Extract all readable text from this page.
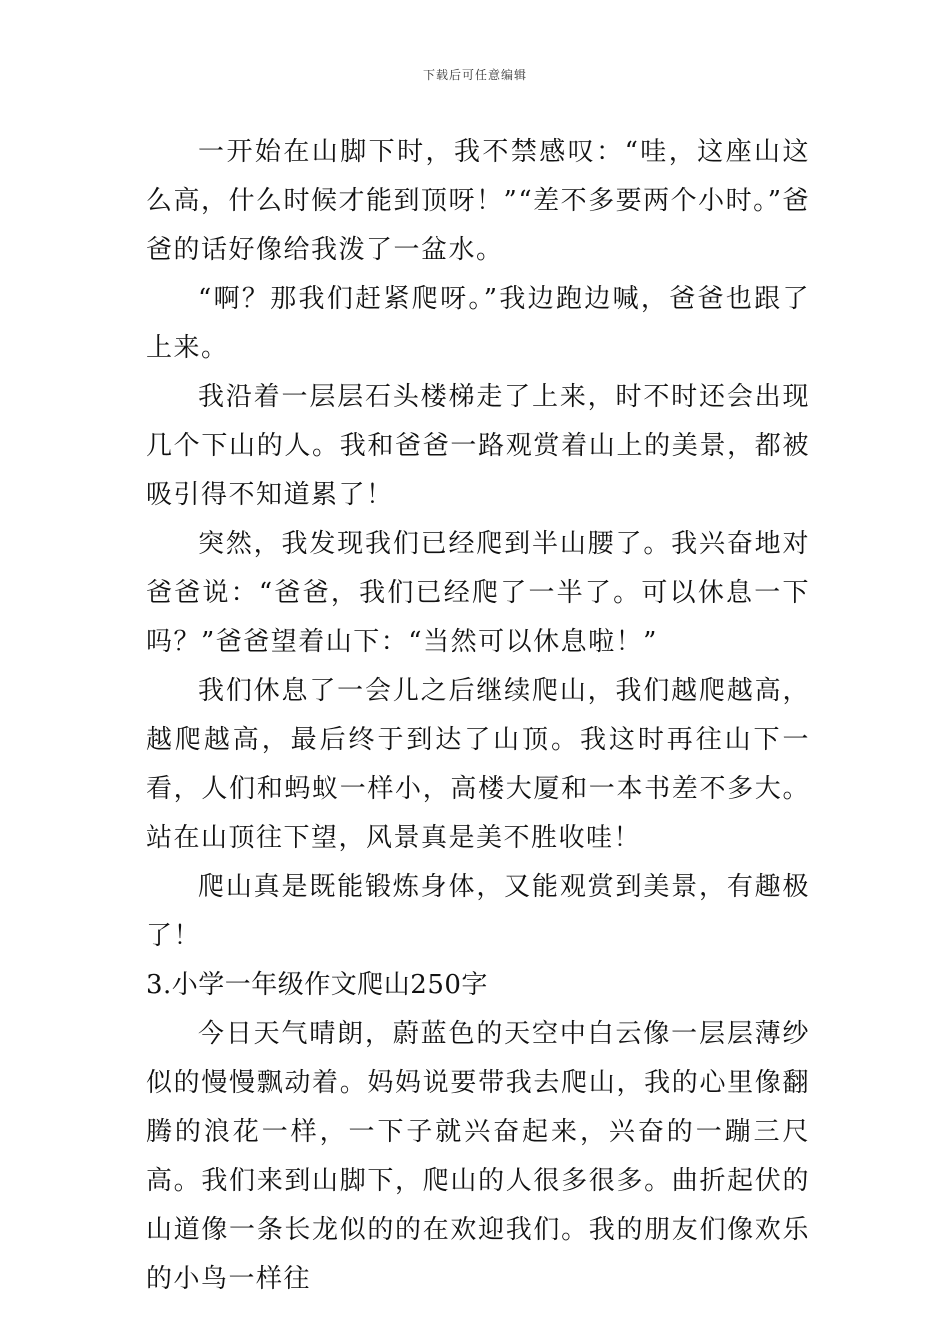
下载后可任意编辑

一开始在山脚下时，我不禁感叹：“哇，这座山这么高，什么时候才能到顶呀！”“差不多要两个小时。”爸爸的话好像给我泼了一盆水。

“啊？那我们赶紧爬呀。”我边跑边喊，爸爸也跟了上来。

我沿着一层层石头楼梯走了上来，时不时还会出现几个下山的人。我和爸爸一路观赏着山上的美景，都被吸引得不知道累了！

突然，我发现我们已经爬到半山腰了。我兴奋地对爸爸说：“爸爸，我们已经爬了一半了。可以休息一下吗？”爸爸望着山下：“当然可以休息啦！”

我们休息了一会儿之后继续爬山，我们越爬越高，越爬越高，最后终于到达了山顶。我这时再往山下一看，人们和蚂蚁一样小，高楼大厦和一本书差不多大。站在山顶往下望，风景真是美不胜收哇！

爬山真是既能锻炼身体，又能观赏到美景，有趣极了！

3.小学一年级作文爬山250字

今日天气晴朗，蔚蓝色的天空中白云像一层层薄纱似的慢慢飘动着。妈妈说要带我去爬山，我的心里像翻腾的浪花一样，一下子就兴奋起来，兴奋的一蹦三尺高。我们来到山脚下，爬山的人很多很多。曲折起伏的山道像一条长龙似的的在欢迎我们。我的朋友们像欢乐的小鸟一样往
